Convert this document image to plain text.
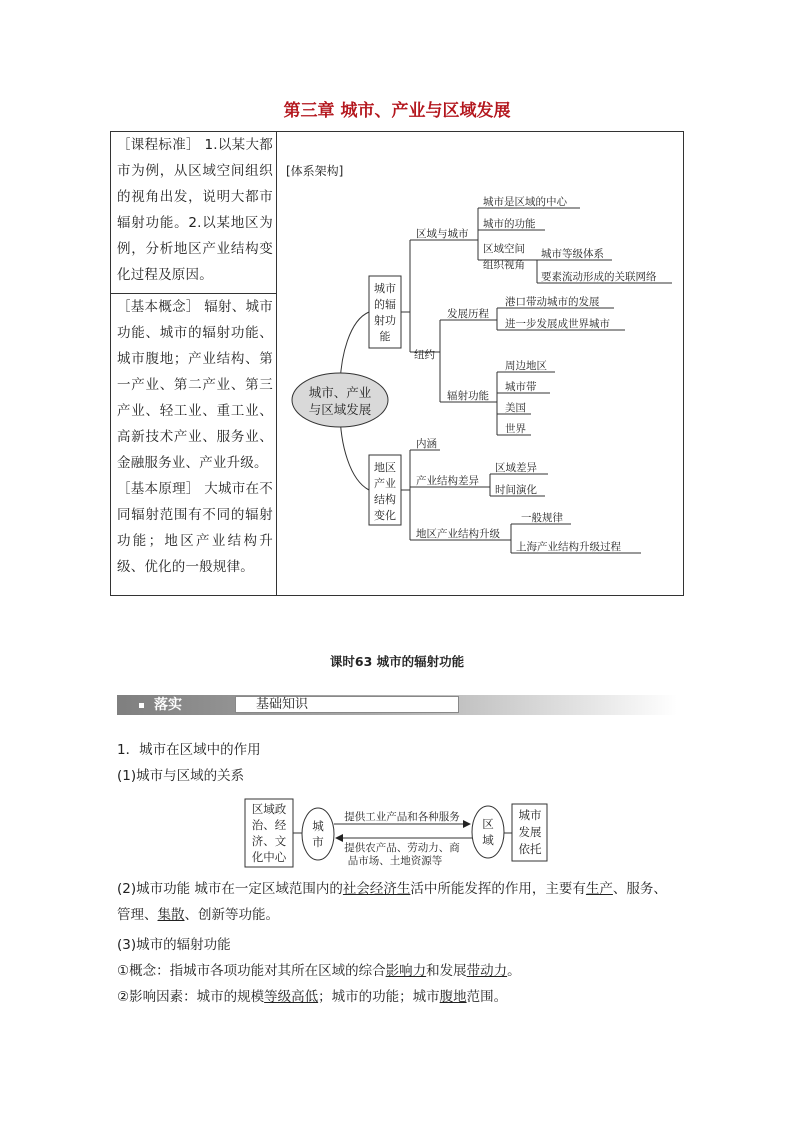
第三章 城市、产业与区域发展
［课程标准］ 1.以某大都市为例，从区域空间组织的视角出发，说明大都市辐射功能。2.以某地区为例，分析地区产业结构变化过程及原因。
［基本概念］ 辐射、城市功能、城市的辐射功能、城市腹地；产业结构、第一产业、第二产业、第三产业、轻工业、重工业、高新技术产业、服务业、金融服务业、产业升级。
［基本原理］ 大城市在不同辐射范围有不同的辐射功能；地区产业结构升级、优化的一般规律。
[体系架构]
城市、产业
与区域发展
城市
的辐
射功
能
地区
产业
结构
变化
区域与城市
城市是区域的中心
城市的功能
区域空间
组织视角
城市等级体系
要素流动形成的关联网络
纽约
发展历程
港口带动城市的发展
进一步发展成世界城市
辐射功能
周边地区
城市带
美国
世界
内涵
产业结构差异
区域差异
时间演化
地区产业结构升级
一般规律
上海产业结构升级过程
课时63 城市的辐射功能
落实	基础知识
1．城市在区域中的作用
(1)城市与区域的关系
区域政
治、经
济、文
化中心
城
市
区
域
城市
发展
依托
提供工业产品和各种服务
提供农产品、劳动力、商
品市场、土地资源等
(2)城市功能 城市在一定区域范围内的社会经济生活中所能发挥的作用，主要有生产、服务、
管理、集散、创新等功能。
(3)城市的辐射功能
①概念：指城市各项功能对其所在区域的综合影响力和发展带动力。
②影响因素：城市的规模等级高低；城市的功能；城市腹地范围。
